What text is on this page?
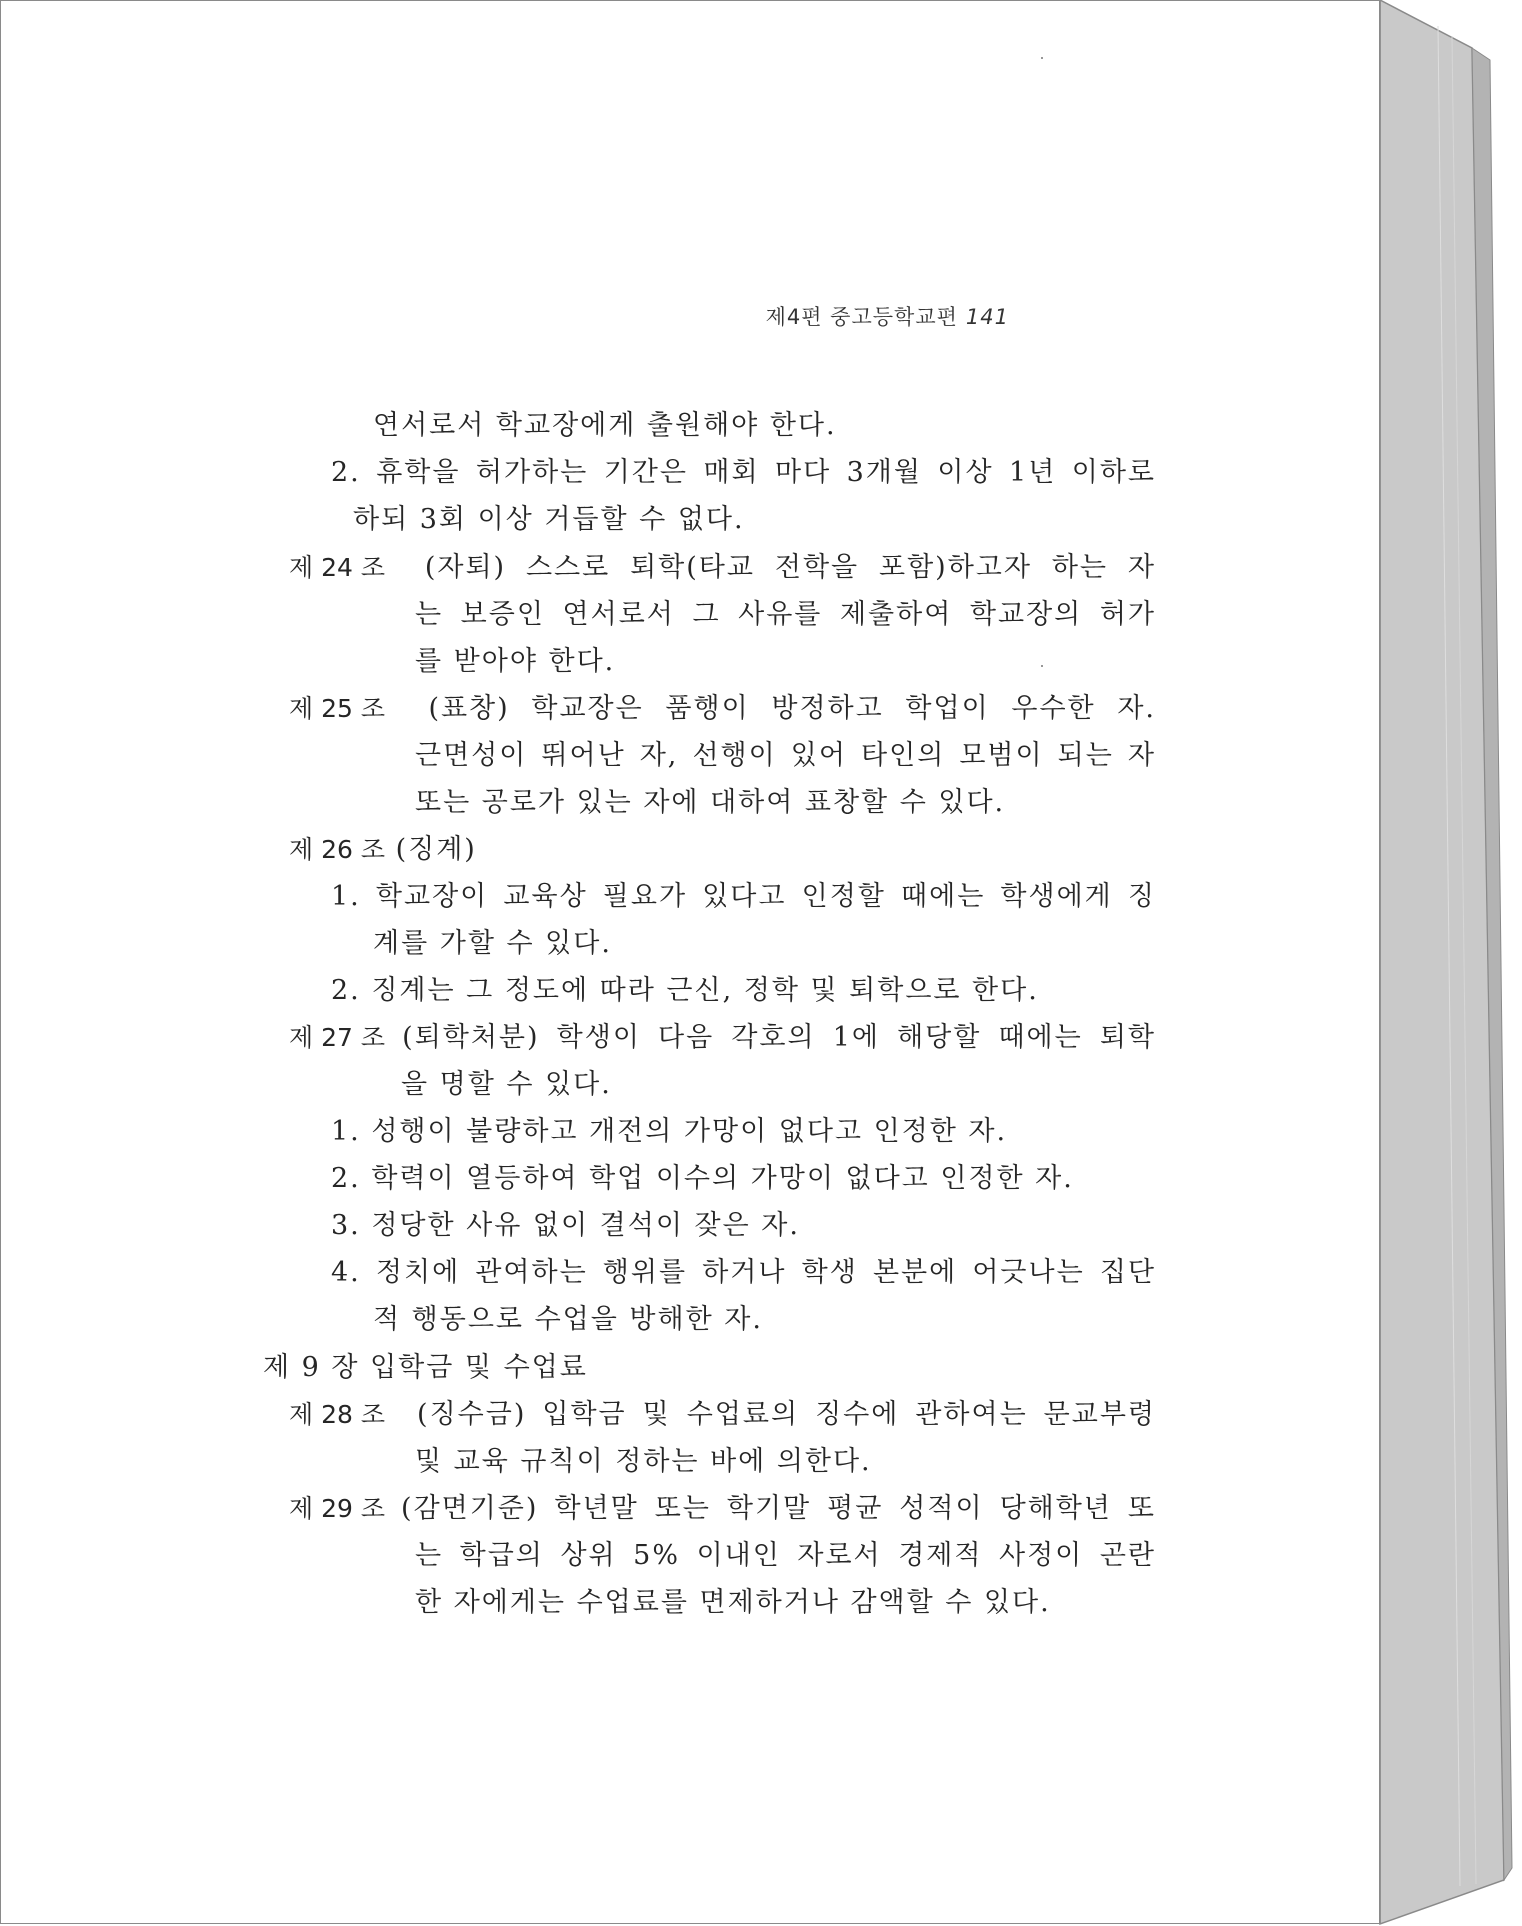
제4편 중고등학교편 141
연서로서 학교장에게 출원해야 한다.
2. 휴학을 허가하는 기간은 매회 마다 3개월 이상 1년 이하로
하되 3회 이상 거듭할 수 없다.
제 24 조 (자퇴) 스스로 퇴학(타교 전학을 포함)하고자 하는 자
는 보증인 연서로서 그 사유를 제출하여 학교장의 허가
를 받아야 한다.
제 25 조 (표창) 학교장은 품행이 방정하고 학업이 우수한 자.
근면성이 뛰어난 자, 선행이 있어 타인의 모범이 되는 자
또는 공로가 있는 자에 대하여 표창할 수 있다.
제 26 조 (징계)
1. 학교장이 교육상 필요가 있다고 인정할 때에는 학생에게 징
계를 가할 수 있다.
2. 징계는 그 정도에 따라 근신, 정학 및 퇴학으로 한다.
제 27 조 (퇴학처분) 학생이 다음 각호의 1에 해당할 때에는 퇴학
을 명할 수 있다.
1. 성행이 불량하고 개전의 가망이 없다고 인정한 자.
2. 학력이 열등하여 학업 이수의 가망이 없다고 인정한 자.
3. 정당한 사유 없이 결석이 잦은 자.
4. 정치에 관여하는 행위를 하거나 학생 본분에 어긋나는 집단
적 행동으로 수업을 방해한 자.
제 9 장 입학금 및 수업료
제 28 조 (징수금) 입학금 및 수업료의 징수에 관하여는 문교부령
및 교육 규칙이 정하는 바에 의한다.
제 29 조 (감면기준) 학년말 또는 학기말 평균 성적이 당해학년 또
는 학급의 상위 5% 이내인 자로서 경제적 사정이 곤란
한 자에게는 수업료를 면제하거나 감액할 수 있다.
